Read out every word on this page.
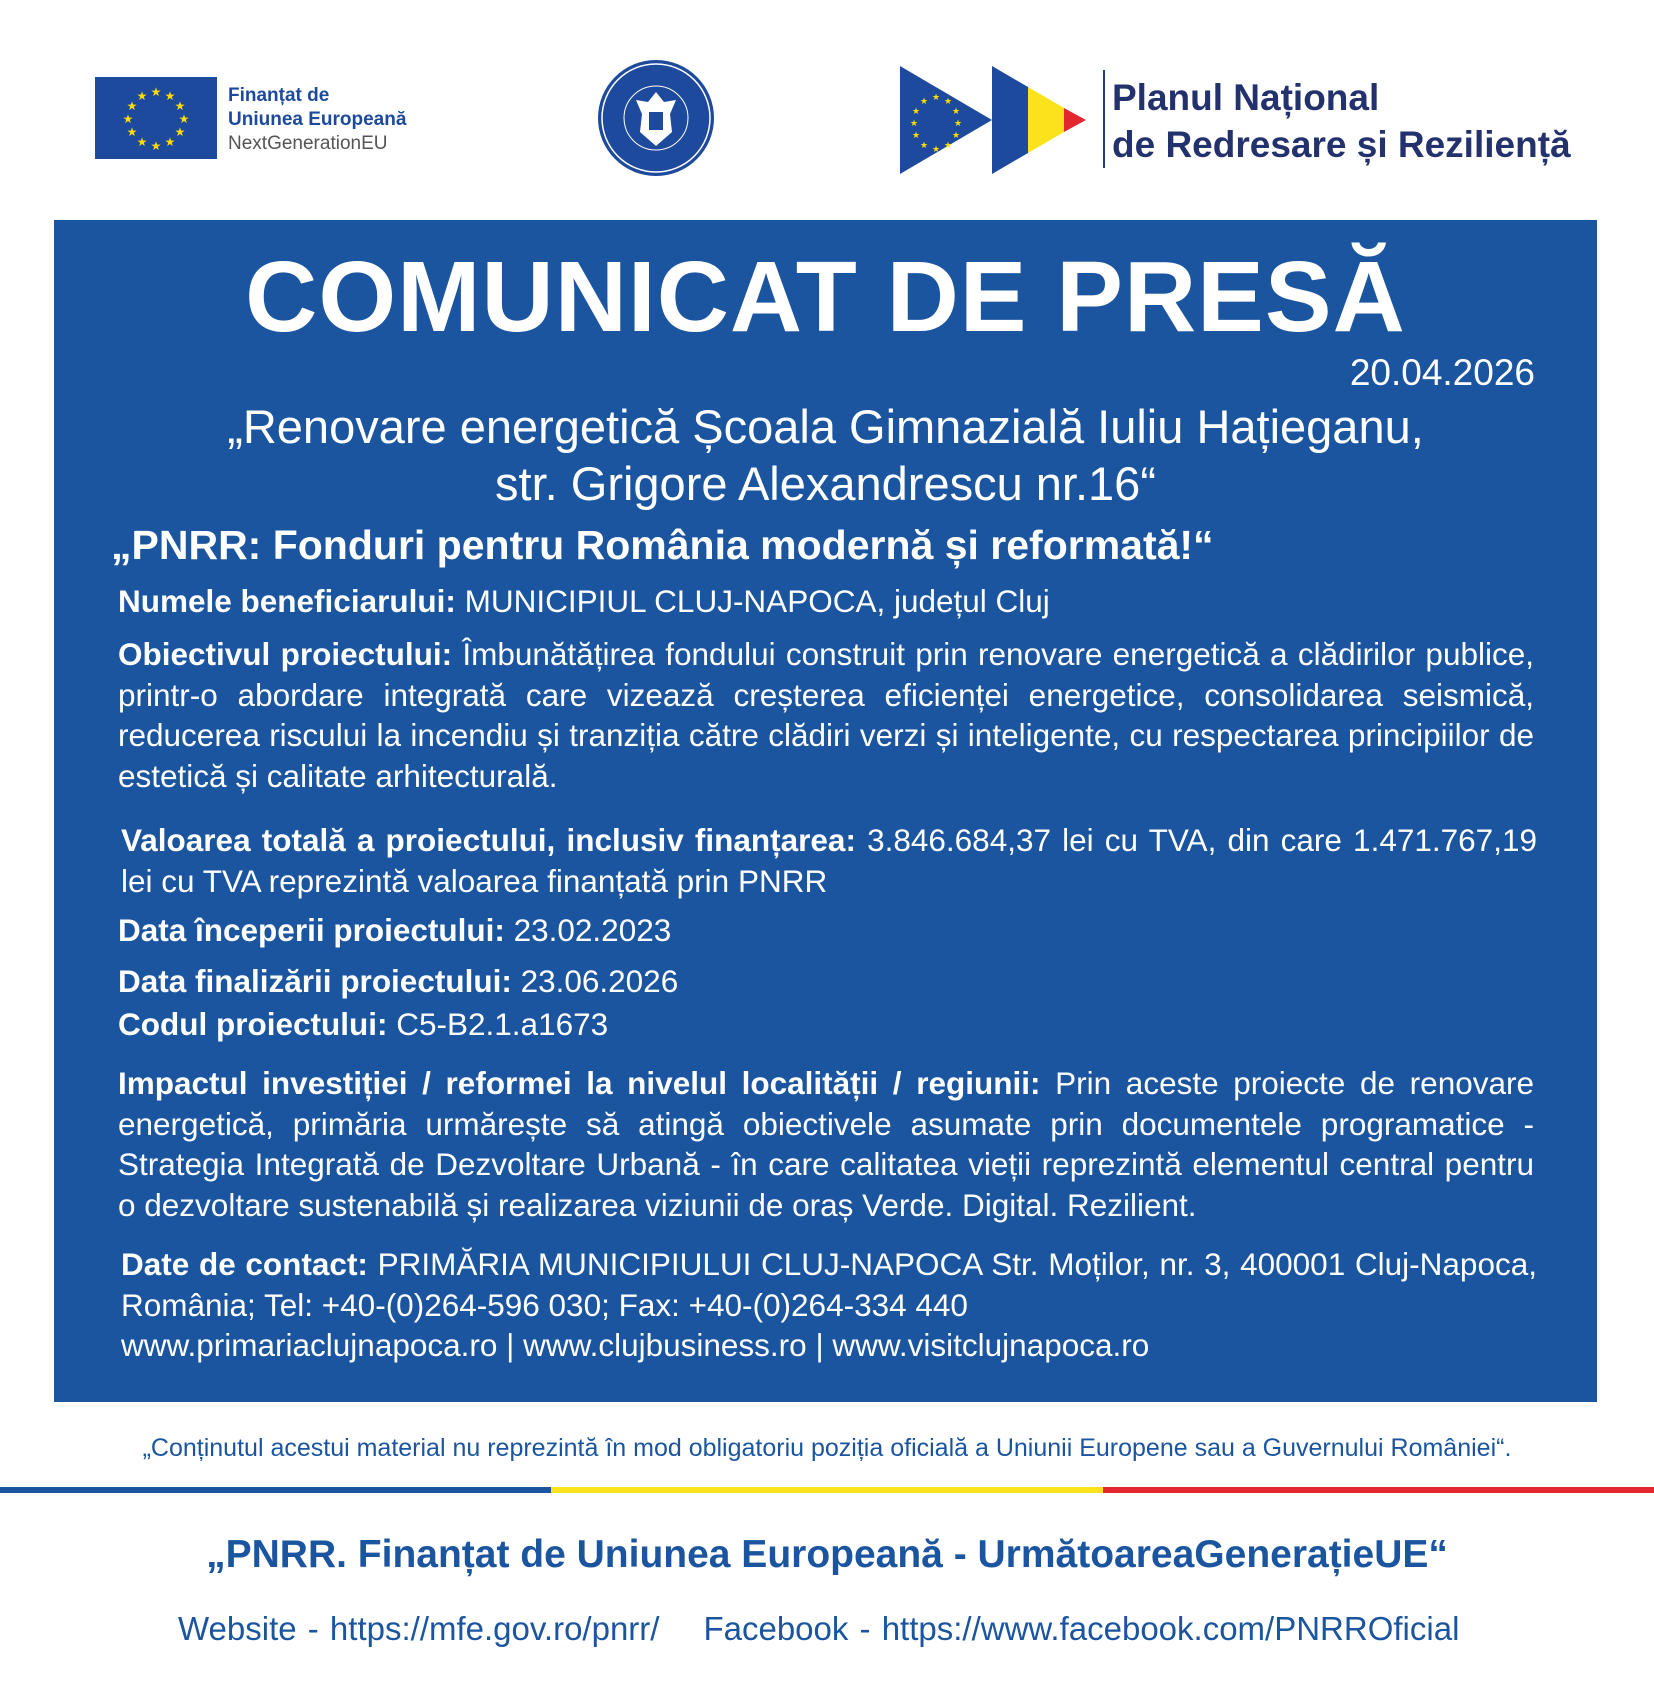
★ ★
★
★
★
★
★
★
★
★
★
★	Finanțat de
Uniunea Europeană
NextGenerationEU
★ ★
★
★
★
★
★
★
★
★
★
★	Planul Național
de Redresare și Reziliență
COMUNICAT DE PRESĂ
20.04.2026
„Renovare energetică Școala Gimnazială Iuliu Hațieganu,
str. Grigore Alexandrescu nr.16“
„PNRR: Fonduri pentru România modernă și reformată!“
Numele beneficiarului: MUNICIPIUL CLUJ-NAPOCA, județul Cluj
Obiectivul proiectului: Îmbunătățirea fondului construit prin renovare energetică a clădirilor publice, printr-o abordare integrată care vizează creșterea eficienței energetice, consolidarea seismică, reducerea riscului la incendiu și tranziția către clădiri verzi și inteligente, cu respectarea principiilor de estetică și calitate arhitecturală.
Valoarea totală a proiectului, inclusiv finanțarea: 3.846.684,37 lei cu TVA, din care 1.471.767,19 lei cu TVA reprezintă valoarea finanțată prin PNRR
Data începerii proiectului: 23.02.2023
Data finalizării proiectului: 23.06.2026
Codul proiectului: C5-B2.1.a1673
Impactul investiției / reformei la nivelul localității / regiunii: Prin aceste proiecte de renovare energetică, primăria urmărește să atingă obiectivele asumate prin documentele programatice - Strategia Integrată de Dezvoltare Urbană - în care calitatea vieții reprezintă elementul central pentru o dezvoltare sustenabilă și realizarea viziunii de oraș Verde. Digital. Rezilient.
Date de contact: PRIMĂRIA MUNICIPIULUI CLUJ-NAPOCA Str. Moților, nr. 3, 400001 Cluj-Napoca, România; Tel: +40-(0)264-596 030; Fax: +40-(0)264-334 440
www.primariaclujnapoca.ro | www.clujbusiness.ro | www.visitclujnapoca.ro
„Conținutul acestui material nu reprezintă în mod obligatoriu poziția oficială a Uniunii Europene sau a Guvernului României“.
„PNRR. Finanțat de Uniunea Europeană - UrmătoareaGenerațieUE“
Website - https://mfe.gov.ro/pnrr/ Facebook - https://www.facebook.com/PNRROficial
